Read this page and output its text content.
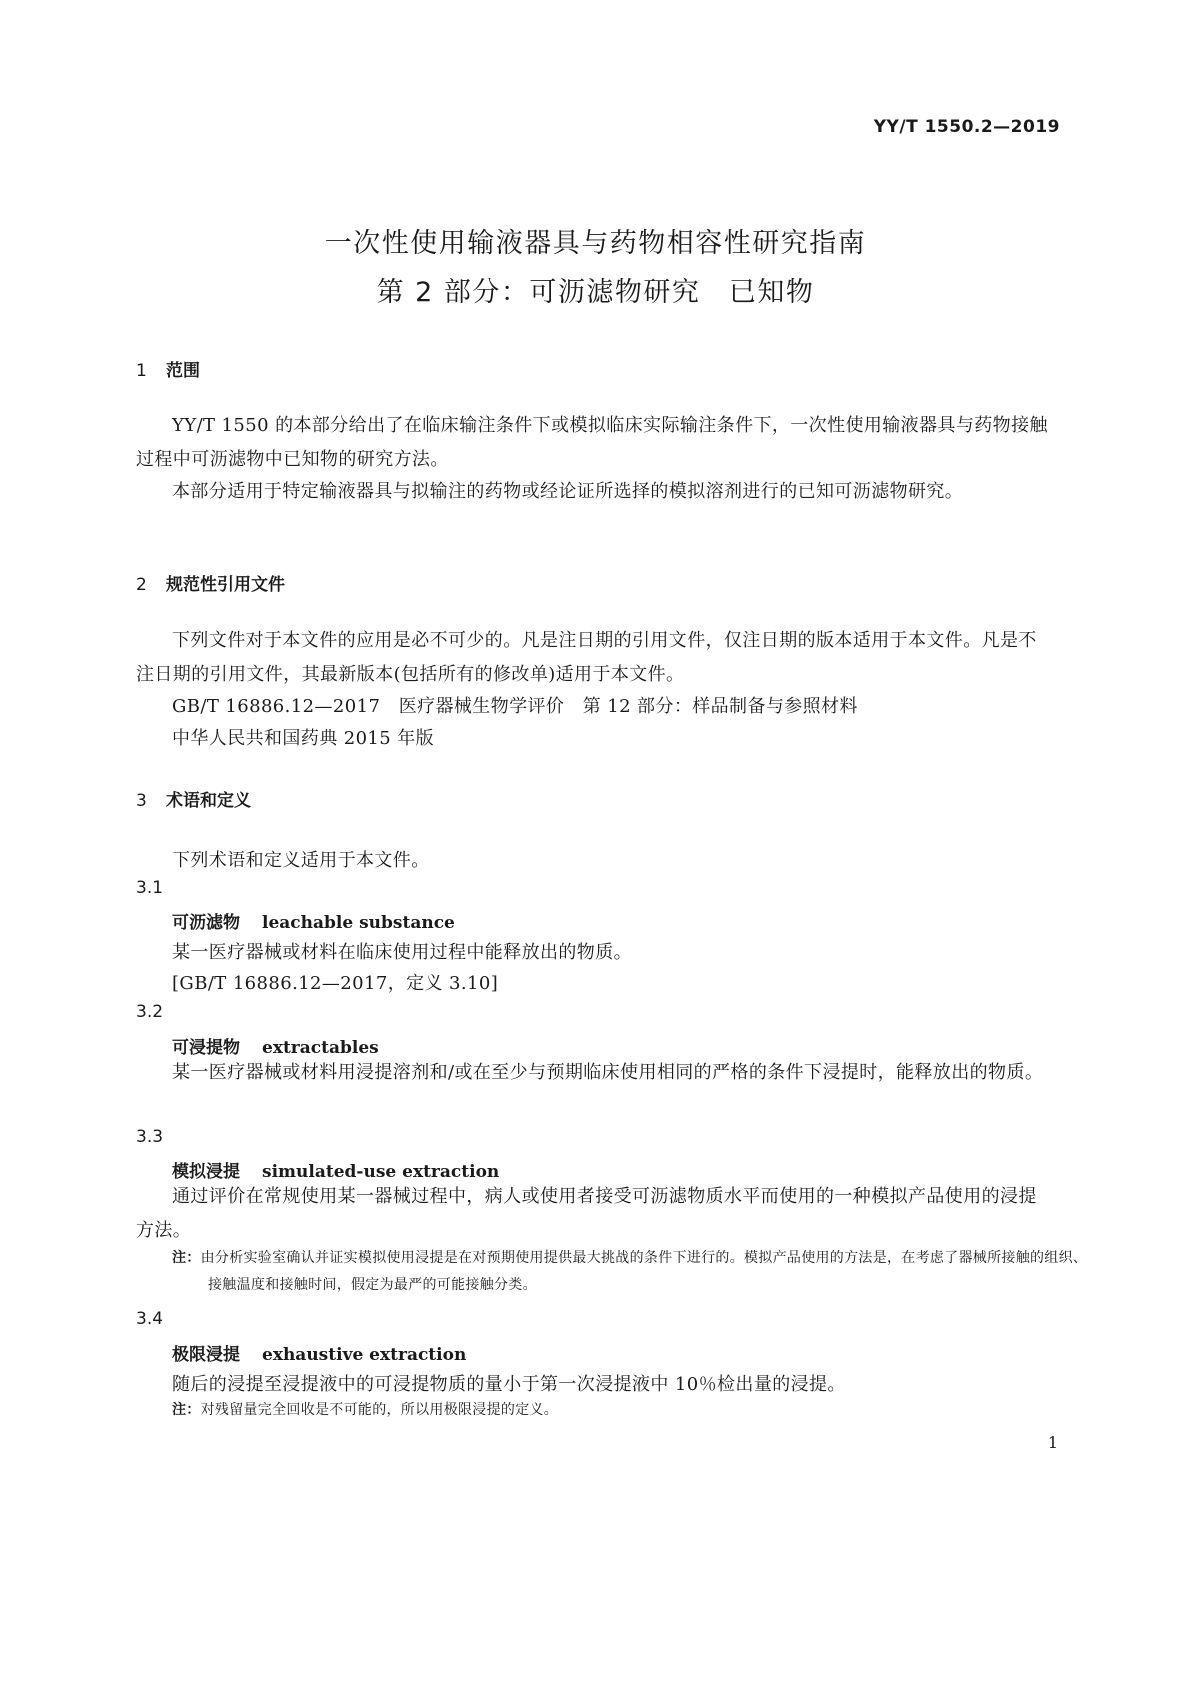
YY/T 1550.2—2019
一次性使用输液器具与药物相容性研究指南
第 2 部分：可沥滤物研究　已知物
1 范围

YY/T 1550 的本部分给出了在临床输注条件下或模拟临床实际输注条件下，一次性使用输液器具与药物接触过程中可沥滤物中已知物的研究方法。

本部分适用于特定输液器具与拟输注的药物或经论证所选择的模拟溶剂进行的已知可沥滤物研究。

2 规范性引用文件

下列文件对于本文件的应用是必不可少的。凡是注日期的引用文件，仅注日期的版本适用于本文件。凡是不注日期的引用文件，其最新版本(包括所有的修改单)适用于本文件。

GB/T 16886.12—2017　医疗器械生物学评价　第 12 部分：样品制备与参照材料
中华人民共和国药典 2015 年版
3 术语和定义
下列术语和定义适用于本文件。
3.1
可沥滤物 leachable substance
某一医疗器械或材料在临床使用过程中能释放出的物质。
[GB/T 16886.12—2017，定义 3.10]
3.2
可浸提物 extractables

某一医疗器械或材料用浸提溶剂和/或在至少与预期临床使用相同的严格的条件下浸提时，能释放出的物质。

3.3
模拟浸提 simulated-use extraction

通过评价在常规使用某一器械过程中，病人或使用者接受可沥滤物质水平而使用的一种模拟产品使用的浸提方法。

注：由分析实验室确认并证实模拟使用浸提是在对预期使用提供最大挑战的条件下进行的。模拟产品使用的方法是，在考虑了器械所接触的组织、接触温度和接触时间，假定为最严的可能接触分类。

3.4
极限浸提 exhaustive extraction
随后的浸提至浸提液中的可浸提物质的量小于第一次浸提液中 10％检出量的浸提。

注：对残留量完全回收是不可能的，所以用极限浸提的定义。

1
